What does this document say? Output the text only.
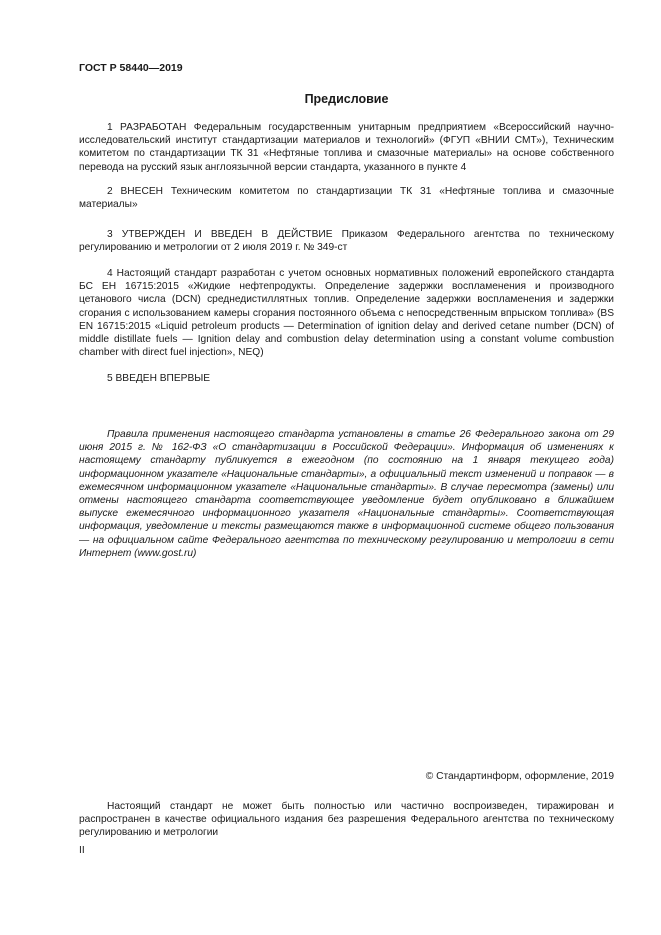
ГОСТ Р 58440—2019
Предисловие

1 РАЗРАБОТАН Федеральным государственным унитарным предприятием «Всероссийский научно-исследовательский институт стандартизации материалов и технологий» (ФГУП «ВНИИ СМТ»), Техническим комитетом по стандартизации ТК 31 «Нефтяные топлива и смазочные материалы» на основе собственного перевода на русский язык англоязычной версии стандарта, указанного в пункте 4

2 ВНЕСЕН Техническим комитетом по стандартизации ТК 31 «Нефтяные топлива и смазочные материалы»

3 УТВЕРЖДЕН И ВВЕДЕН В ДЕЙСТВИЕ Приказом Федерального агентства по техническому регулированию и метрологии от 2 июля 2019 г. № 349-ст

4 Настоящий стандарт разработан с учетом основных нормативных положений европейского стандарта БС ЕН 16715:2015 «Жидкие нефтепродукты. Определение задержки воспламенения и производного цетанового числа (DCN) среднедистиллятных топлив. Определение задержки воспламенения и задержки сгорания с использованием камеры сгорания постоянного объема с непосредственным впрыском топлива» (BS EN 16715:2015 «Liquid petroleum products — Determination of ignition delay and derived cetane number (DCN) of middle distillate fuels — Ignition delay and combustion delay determination using a constant volume combustion chamber with direct fuel injection», NEQ)

5 ВВЕДЕН ВПЕРВЫЕ

Правила применения настоящего стандарта установлены в статье 26 Федерального закона от 29 июня 2015 г. № 162-ФЗ «О стандартизации в Российской Федерации». Информация об изменениях к настоящему стандарту публикуется в ежегодном (по состоянию на 1 января текущего года) информационном указателе «Национальные стандарты», а официальный текст изменений и поправок — в ежемесячном информационном указателе «Национальные стандарты». В случае пересмотра (замены) или отмены настоящего стандарта соответствующее уведомление будет опубликовано в ближайшем выпуске ежемесячного информационного указателя «Национальные стандарты». Соответствующая информация, уведомление и тексты размещаются также в информационной системе общего пользования — на официальном сайте Федерального агентства по техническому регулированию и метрологии в сети Интернет (www.gost.ru)

© Стандартинформ, оформление, 2019

Настоящий стандарт не может быть полностью или частично воспроизведен, тиражирован и распространен в качестве официального издания без разрешения Федерального агентства по техническому регулированию и метрологии

II
